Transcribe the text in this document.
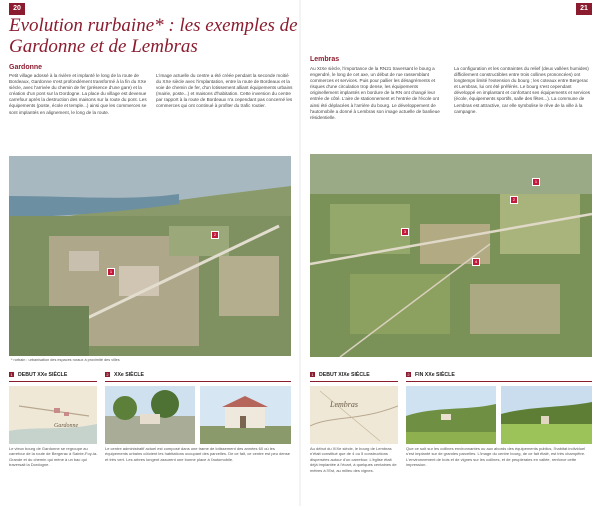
20	21
Evolution rurbaine* : les exemples de Gardonne et de Lembras
Gardonne
Petit village adossé à la rivière et implanté le long de la route de Bordeaux, Gardonne s'est profondément transformé à la fin du XXe siècle, avec l'arrivée du chemin de fer (présence d'une gare) et la création d'un pont sur la Dordogne. La place du village est devenue carrefour après la destruction des maisons sur la route du pont. Les équipements (poste, école et temple...) ainsi que les commerces se sont implantés en alignement, le long de la route.
L'image actuelle du centre a été créée pendant la seconde moitié du XXe siècle avec l'implantation, entre la route de Bordeaux et la voie de chemin de fer, d'un lotissement alliant équipements urbains (mairie, poste...) et maisons d'habitation. Cette inversion du centre par rapport à la route de Bordeaux n'a cependant pas concerné les commerces qui ont continué à profiter du trafic routier.
1
2
* rurbain : urbanisation des espaces ruraux à proximité des villes
1 DEBUT XXe SIÈCLE
Gardonne
Le vieux bourg de Gardonne se regroupe au carrefour de la route de Bergerac à Sainte-Foy-la-Grande et du chemin qui mène à un bac qui traversait la Dordogne.
2 XXe SIÈCLE
Le centre administratif actuel est composé dans une trame de lotissement des années 60 où les équipements urbains côtoient les habitations occupant des parcelles. De ce fait, ce centre est peu dense et très vert. Les arbres longent assurent une bonne place à l'automobile.
Lembras
Au XIXe siècle, l'importance de la RN21 traversant le bourg a engendré, le long de cet axe, un début de rue rassemblant commerces et services. Puis pour pallier les désagréments et risques d'une circulation trop dense, les équipements originellement implantés en bordure de la RN ont changé leur entrée de côté. L'aire de stationnement et l'entrée de l'école ont ainsi été déplacées à l'arrière du bourg. Le développement de l'automobile a donné à Lembras son image actuelle de banlieue résidentielle.
La configuration et les contraintes du relief (deux vallées humides) difficilement constructibles entre trois collines prononcées) ont longtemps limité l'extension du bourg ; les coteaux entre Bergerac et Lembras, lui ont été préférés. Le bourg s'est cependant développé en implantant et confortant ses équipements et services (école, équipements sportifs, salle des fêtes...). La commune de Lembras est attractive, car elle symbolise le rêve de la ville à la campagne.
1
2
3
4
1 DEBUT XIXe SIÈCLE
Lembras
Au début du XIXe siècle, le bourg de Lembras n'était constitué que de 4 ou 5 constructions dispersées autour d'un carrefour. L'église était déjà implantée à l'écart, à quelques centaines de mètres à l'Est, au milieu des vignes.
2 FIN XXe SIÈCLE
Que ce soit sur les collines environnantes ou aux abords des équipements publics, l'habitat individuel s'est implanté sur de grandes parcelles. L'image du centre bourg, de ce fait étalé, est très champêtre. L'environnement de bois et de vignes sur les collines, et de peupleraies en vallée, renforce cette impression.
